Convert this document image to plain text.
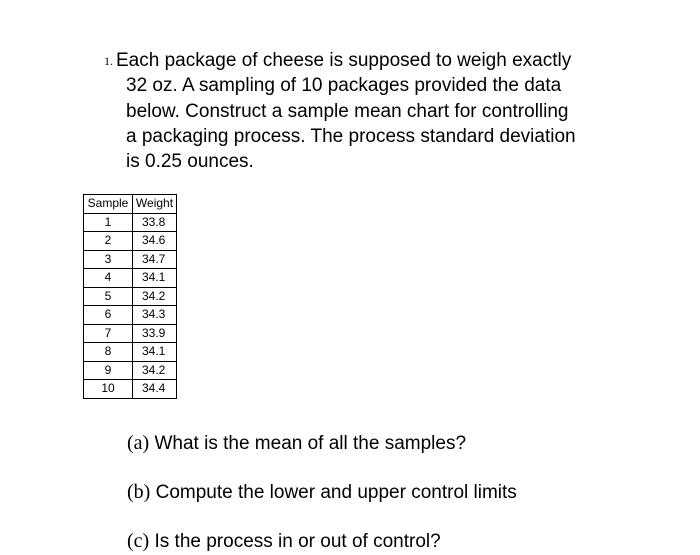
1. Each package of cheese is supposed to weigh exactly
32 oz. A sampling of 10 packages provided the data
below. Construct a sample mean chart for controlling
a packaging process. The process standard deviation
is 0.25 ounces.
Sample	Weight
1	33.8
2	34.6
3	34.7
4	34.1
5	34.2
6	34.3
7	33.9
8	34.1
9	34.2
10	34.4
(a) What is the mean of all the samples?
(b) Compute the lower and upper control limits
(c) Is the process in or out of control?
